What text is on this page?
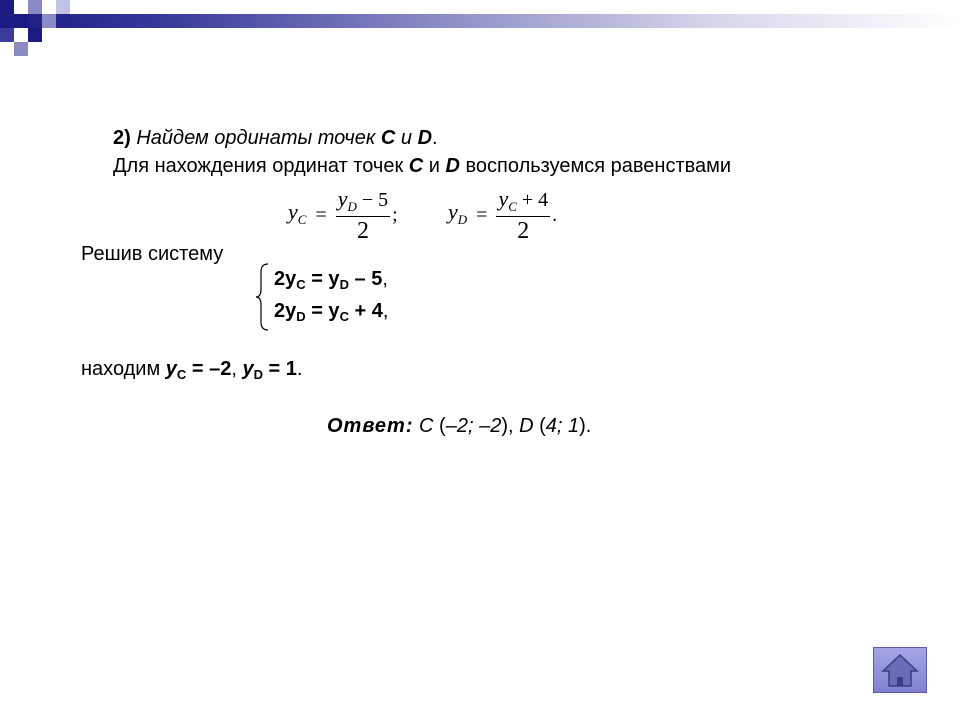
2) Найдем ординаты точек C и D.
Для нахождения ординат точек C и D воспользуемся равенствами
$y_C = \frac{y_D - 5}{2}$ ; $y_D = \frac{y_C + 4}{2}$ .
Решив систему
$2y_C = y_D - 5$,
$2y_D = y_C + 4$,
находим $y_C = -2$, $y_D = 1$.
Ответ: C (–2; –2), D (4; 1).
